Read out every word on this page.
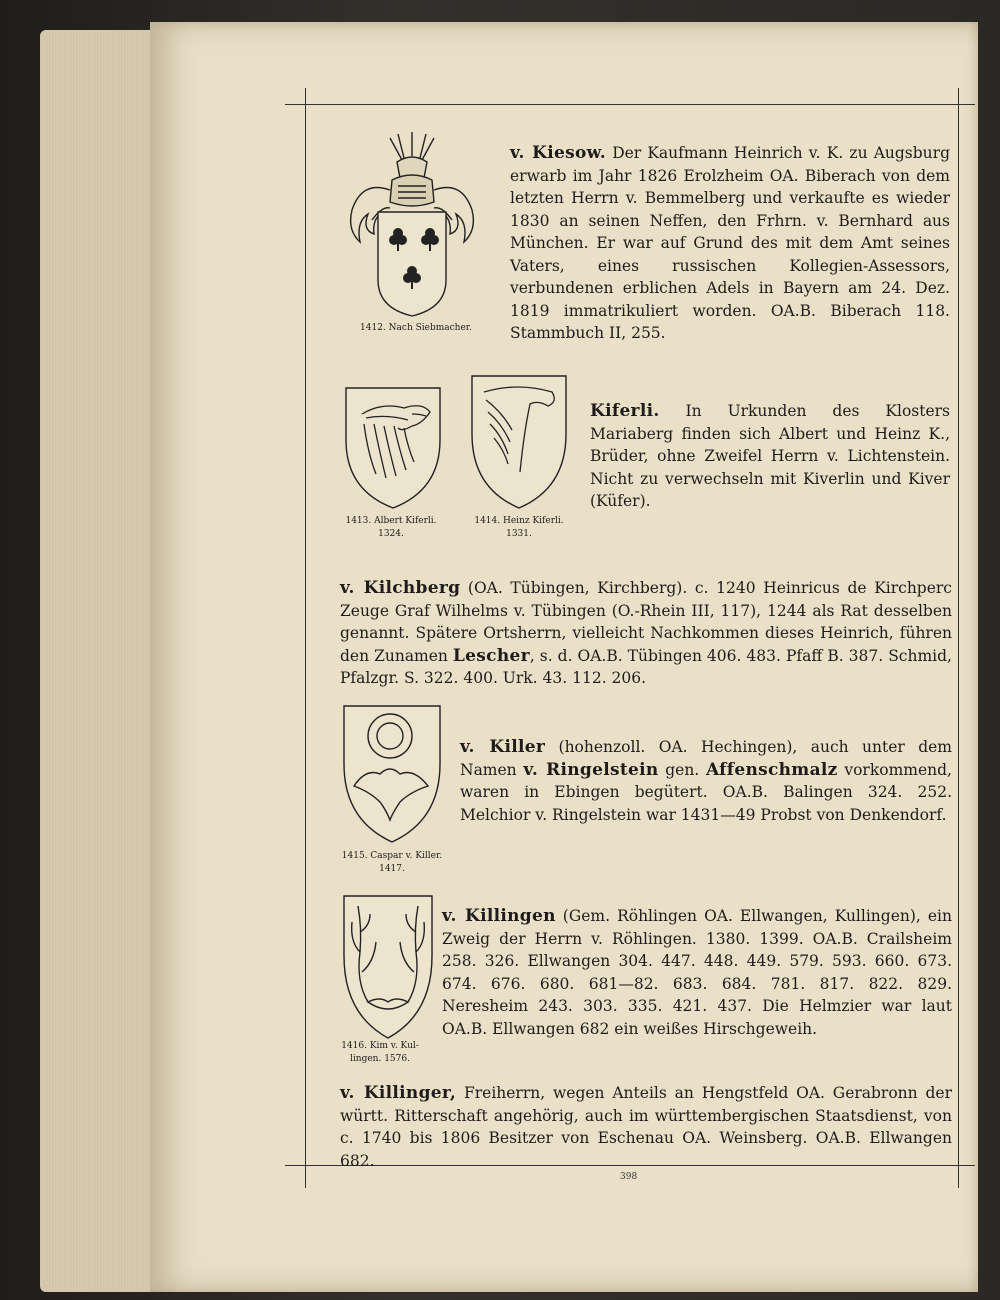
1412. Nach Siebmacher.
v. Kiesow. Der Kaufmann Heinrich v. K. zu Augsburg erwarb im Jahr 1826 Erolzheim OA. Biberach von dem letzten Herrn v. Bemmelberg und verkaufte es wieder 1830 an seinen Neffen, den Frhrn. v. Bernhard aus München. Er war auf Grund des mit dem Amt seines Vaters, eines russischen Kollegien-Assessors, verbundenen erblichen Adels in Bayern am 24. Dez. 1819 immatrikuliert worden. OA.B. Biberach 118. Stammbuch II, 255.
1413. Albert Kiferli.
1324.
1414. Heinz Kiferli.
1331.
Kiferli. In Urkunden des Klosters Mariaberg finden sich Albert und Heinz K., Brüder, ohne Zweifel Herrn v. Lichtenstein. Nicht zu verwechseln mit Kiverlin und Kiver (Küfer).
v. Kilchberg (OA. Tübingen, Kirchberg). c. 1240 Heinricus de Kirchperc Zeuge Graf Wilhelms v. Tübingen (O.-Rhein III, 117), 1244 als Rat desselben genannt. Spätere Ortsherrn, vielleicht Nachkommen dieses Heinrich, führen den Zunamen Lescher, s. d. OA.B. Tübingen 406. 483. Pfaff B. 387. Schmid, Pfalzgr. S. 322. 400. Urk. 43. 112. 206.
1415. Caspar v. Killer.
1417.
v. Killer (hohenzoll. OA. Hechingen), auch unter dem Namen v. Ringelstein gen. Affenschmalz vorkommend, waren in Ebingen begütert. OA.B. Balingen 324. 252. Melchior v. Ringelstein war 1431—49 Probst von Denkendorf.
1416. Kim v. Kul-
lingen. 1576.
v. Killingen (Gem. Röhlingen OA. Ellwangen, Kullingen), ein Zweig der Herrn v. Röhlingen. 1380. 1399. OA.B. Crailsheim 258. 326. Ellwangen 304. 447. 448. 449. 579. 593. 660. 673. 674. 676. 680. 681—82. 683. 684. 781. 817. 822. 829. Neresheim 243. 303. 335. 421. 437. Die Helmzier war laut OA.B. Ellwangen 682 ein weißes Hirschgeweih.
v. Killinger, Freiherrn, wegen Anteils an Hengstfeld OA. Gerabronn der württ. Ritterschaft angehörig, auch im württembergischen Staatsdienst, von c. 1740 bis 1806 Besitzer von Eschenau OA. Weinsberg. OA.B. Ellwangen 682.
398
